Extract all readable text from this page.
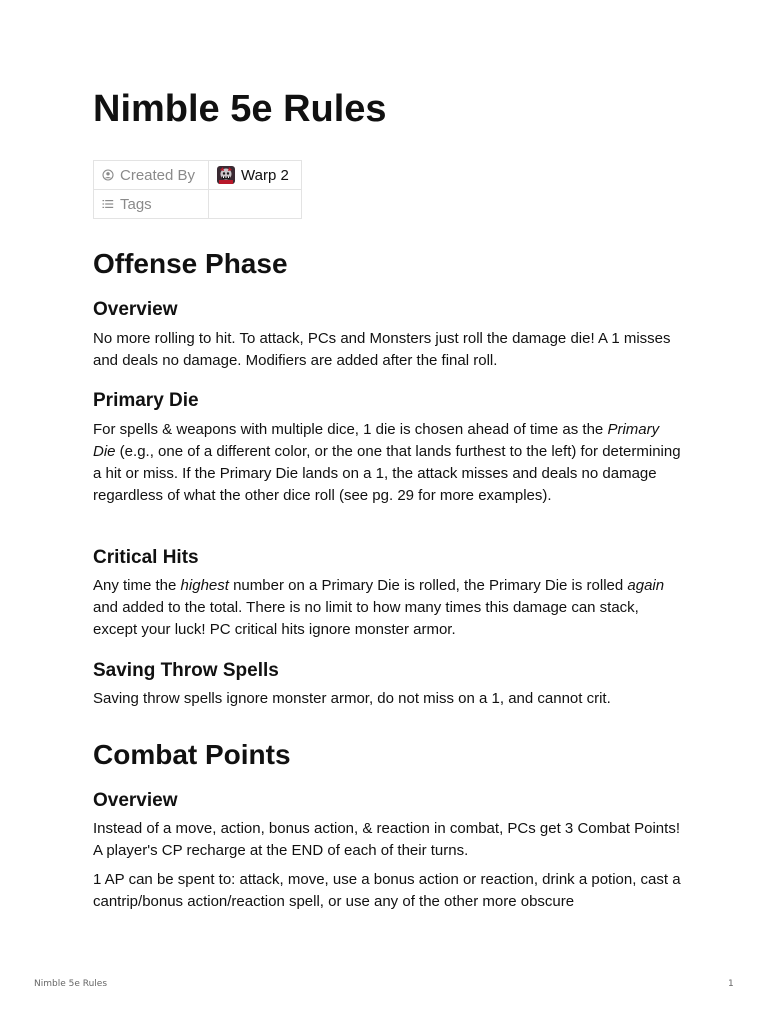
Nimble 5e Rules
Created By	Warp 2
Tags	
Offense Phase
Overview

No more rolling to hit. To attack, PCs and Monsters just roll the damage die! A 1 misses and deals no damage. Modifiers are added after the final roll.

Primary Die

For spells & weapons with multiple dice, 1 die is chosen ahead of time as the Primary Die (e.g., one of a different color, or the one that lands furthest to the left) for determining a hit or miss. If the Primary Die lands on a 1, the attack misses and deals no damage regardless of what the other dice roll (see pg. 29 for more examples).

Critical Hits

Any time the highest number on a Primary Die is rolled, the Primary Die is rolled again and added to the total. There is no limit to how many times this damage can stack, except your luck! PC critical hits ignore monster armor.

Saving Throw Spells

Saving throw spells ignore monster armor, do not miss on a 1, and cannot crit.

Combat Points
Overview

Instead of a move, action, bonus action, & reaction in combat, PCs get 3 Combat Points! A player's CP recharge at the END of each of their turns.

1 AP can be spent to: attack, move, use a bonus action or reaction, drink a potion, cast a cantrip/bonus action/reaction spell, or use any of the other more obscure

Nimble 5e Rules	1
